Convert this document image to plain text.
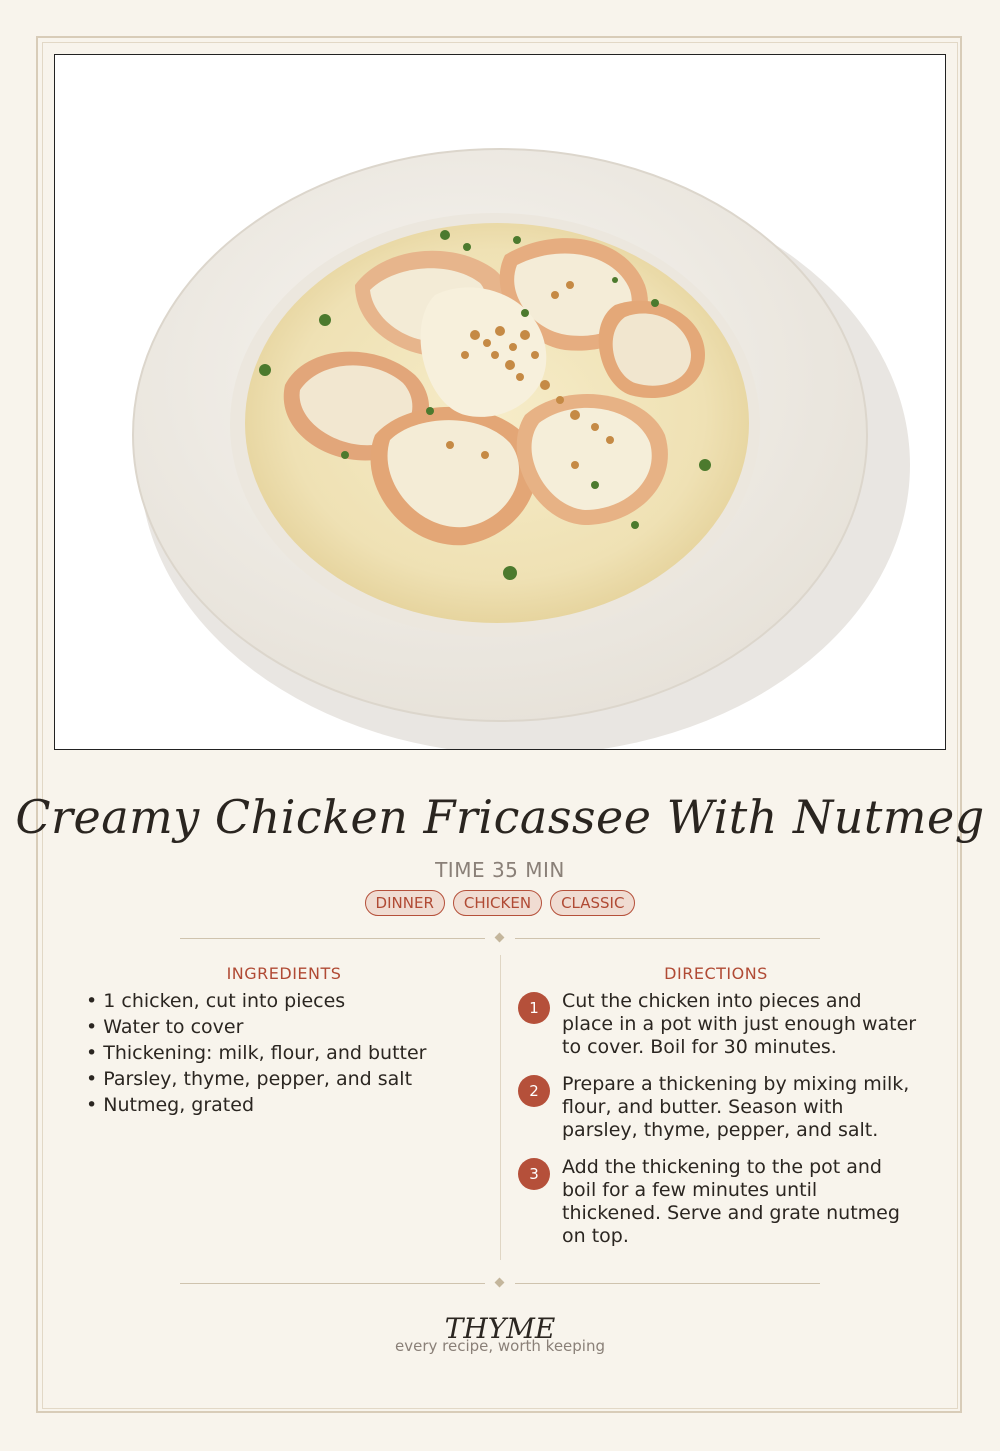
Creamy Chicken Fricassee With Nutmeg
TIME 35 MIN
DINNER	CHICKEN	CLASSIC
INGREDIENTS	DIRECTIONS
• 1 chicken, cut into pieces
• Water to cover
• Thickening: milk, flour, and butter
• Parsley, thyme, pepper, and salt
• Nutmeg, grated
1	Cut the chicken into pieces and place in a pot with just enough water to cover. Boil for 30 minutes.
2	Prepare a thickening by mixing milk, flour, and butter. Season with parsley, thyme, pepper, and salt.
3	Add the thickening to the pot and boil for a few minutes until thickened. Serve and grate nutmeg on top.
THYME
every recipe, worth keeping
